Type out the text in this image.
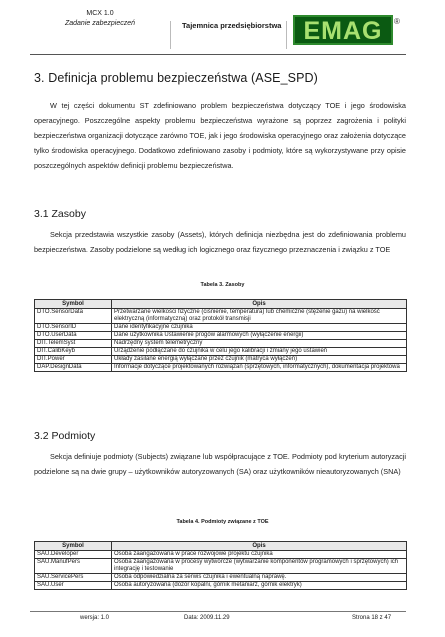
MCX 1.0
Zadanie zabezpieczeń	Tajemnica przedsiębiorstwa EMAG ®
3. Definicja problemu bezpieczeństwa (ASE_SPD)

W tej części dokumentu ST zdefiniowano problem bezpieczeństwa dotyczący TOE i jego środowiska operacyjnego. Poszczególne aspekty problemu bezpieczeństwa wyrażone są poprzez zagrożenia i polityki bezpieczeństwa organizacji dotyczące zarówno TOE, jak i jego środowiska operacyjnego oraz założenia dotyczące tylko środowiska operacyjnego. Dodatkowo zdefiniowano zasoby i podmioty, które są wykorzystywane przy opisie poszczególnych aspektów definicji problemu bezpieczeństwa.

3.1 Zasoby

Sekcja przedstawia wszystkie zasoby (Assets), których definicja niezbędna jest do zdefiniowania problemu bezpieczeństwa. Zasoby podzielone są według ich logicznego oraz fizycznego przeznaczenia i związku z TOE

Tabela 3. Zasoby
Symbol	Opis
DTO.SensorData	Przetwarzane wielkości fizyczne (ciśnienie, temperatura) lub chemiczne (stężenie gazu) na wielkość elektryczną (informatyczną) oraz protokół transmisji
DTO.SensorID	Dane identyfikacyjne czujnika
DTO.UserData	Dane użytkownika Ustawienie progów alarmowych (wyłączenie energii)
DIT.TelemSyst	Nadrzędny system telemetryczny
DIT.CalibKeyb	Urządzenie podłączane do czujnika w celu jego kalibracji i zmiany jego ustawień
DIT.Power	Układy zasilane energią wyłączane przez czujnik (matryca wyłączeń)
DAP.DesignData	Informacje dotyczące projektowanych rozwiązań (sprzętowych, informatycznych), dokumentacja projektowa
3.2 Podmioty

Sekcja definiuje podmioty (Subjects) związane lub współpracujące z TOE. Podmioty pod kryterium autoryzacji podzielone są na dwie grupy – użytkowników autoryzowanych (SA) oraz użytkowników nieautoryzowanych (SNA)

Tabela 4. Podmioty związane z TOE
Symbol	Opis
SAU.Developer	Osoba zaangażowana w prace rozwojowe projektu czujnika
SAU.ManufPers	Osoba zaangażowana w procesy wytwórcze (wytwarzanie komponentów programowych i sprzętowych) ich integrację i testowanie
SAU.ServicePers	Osoba odpowiedzialna za serwis czujnika i ewentualną naprawę.
SAU.User	Osoba autoryzowana (dozór kopalni, górnik metaniarz, górnik elektryk)
wersja: 1.0	Data: 2009.11.29	Strona 18 z 47
